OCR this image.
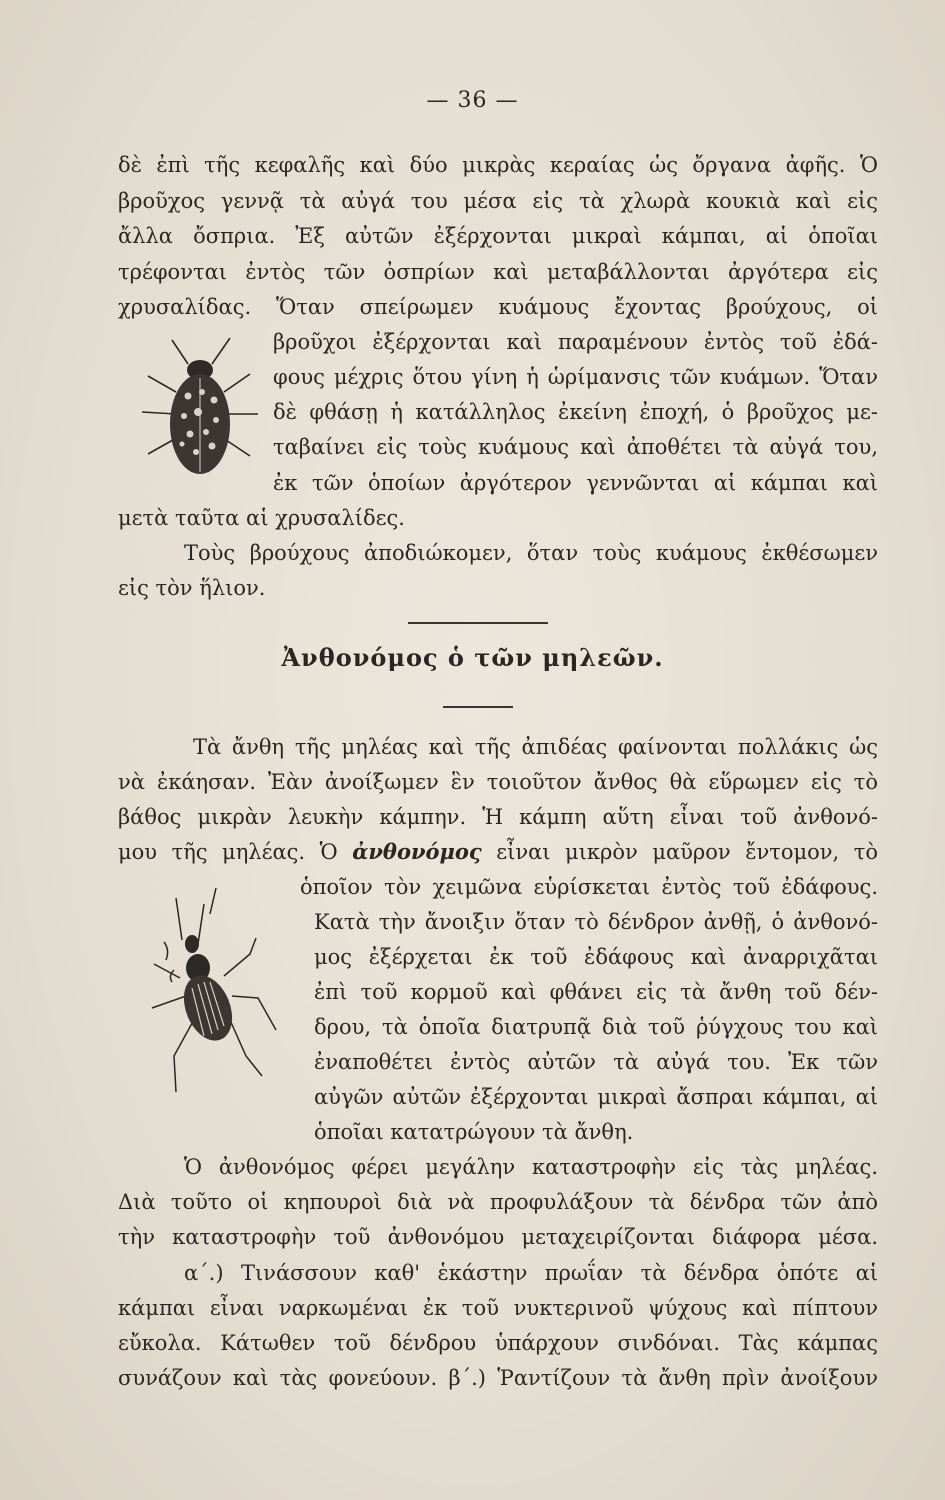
— 36 —
δὲ ἐπὶ τῆς κεφαλῆς καὶ δύο μικρὰς κεραίας ὡς ὄργανα ἀφῆς. Ὁ
βροῦχος γεννᾷ τὰ αὐγά του μέσα εἰς τὰ χλωρὰ κουκιὰ καὶ εἰς
ἄλλα ὄσπρια. Ἐξ αὐτῶν ἐξέρχονται μικραὶ κάμπαι, αἱ ὁποῖαι
τρέφονται ἐντὸς τῶν ὀσπρίων καὶ μεταβάλλονται ἀργότερα εἰς
χρυσαλίδας. Ὅταν σπείρωμεν κυάμους ἔχοντας βρούχους, οἱ
βροῦχοι ἐξέρχονται καὶ παραμένουν ἐντὸς τοῦ ἐδά-
φους μέχρις ὅτου γίνη ἡ ὡρίμανσις τῶν κυάμων. Ὅταν
δὲ φθάσῃ ἡ κατάλληλος ἐκείνη ἐποχή, ὁ βροῦχος με-
ταβαίνει εἰς τοὺς κυάμους καὶ ἀποθέτει τὰ αὐγά του,
ἐκ τῶν ὁποίων ἀργότερον γεννῶνται αἱ κάμπαι καὶ
μετὰ ταῦτα αἱ χρυσαλίδες.
Τοὺς βρούχους ἀποδιώκομεν, ὅταν τοὺς κυάμους ἐκθέσωμεν
εἰς τὸν ἥλιον.
Ἀνθονόμος ὁ τῶν μηλεῶν.
Τὰ ἄνθη τῆς μηλέας καὶ τῆς ἀπιδέας φαίνονται πολλάκις ὡς
νὰ ἐκάησαν. Ἐὰν ἀνοίξωμεν ἓν τοιοῦτον ἄνθος θὰ εὕρωμεν εἰς τὸ
βάθος μικρὰν λευκὴν κάμπην. Ἡ κάμπη αὕτη εἶναι τοῦ ἀνθονό-
μου τῆς μηλέας. Ὁ ἀνθονόμος εἶναι μικρὸν μαῦρον ἔντομον, τὸ
ὁποῖον τὸν χειμῶνα εὑρίσκεται ἐντὸς τοῦ ἐδάφους.
Κατὰ τὴν ἄνοιξιν ὅταν τὸ δένδρον ἀνθῇ, ὁ ἀνθονό-
μος ἐξέρχεται ἐκ τοῦ ἐδάφους καὶ ἀναρριχᾶται
ἐπὶ τοῦ κορμοῦ καὶ φθάνει εἰς τὰ ἄνθη τοῦ δέν-
δρου, τὰ ὁποῖα διατρυπᾷ διὰ τοῦ ῥύγχους του καὶ
ἐναποθέτει ἐντὸς αὐτῶν τὰ αὐγά του. Ἐκ τῶν
αὐγῶν αὐτῶν ἐξέρχονται μικραὶ ἄσπραι κάμπαι, αἱ
ὁποῖαι κατατρώγουν τὰ ἄνθη.
Ὁ ἀνθονόμος φέρει μεγάλην καταστροφὴν εἰς τὰς μηλέας.
Διὰ τοῦτο οἱ κηπουροὶ διὰ νὰ προφυλάξουν τὰ δένδρα τῶν ἀπὸ
τὴν καταστροφὴν τοῦ ἀνθονόμου μεταχειρίζονται διάφορα μέσα.
α΄.) Τινάσσουν καθ' ἑκάστην πρωΐαν τὰ δένδρα ὁπότε αἱ
κάμπαι εἶναι ναρκωμέναι ἐκ τοῦ νυκτερινοῦ ψύχους καὶ πίπτουν
εὔκολα. Κάτωθεν τοῦ δένδρου ὑπάρχουν σινδόναι. Τὰς κάμπας
συνάζουν καὶ τὰς φονεύουν. β΄.) Ῥαντίζουν τὰ ἄνθη πρὶν ἀνοίξουν
